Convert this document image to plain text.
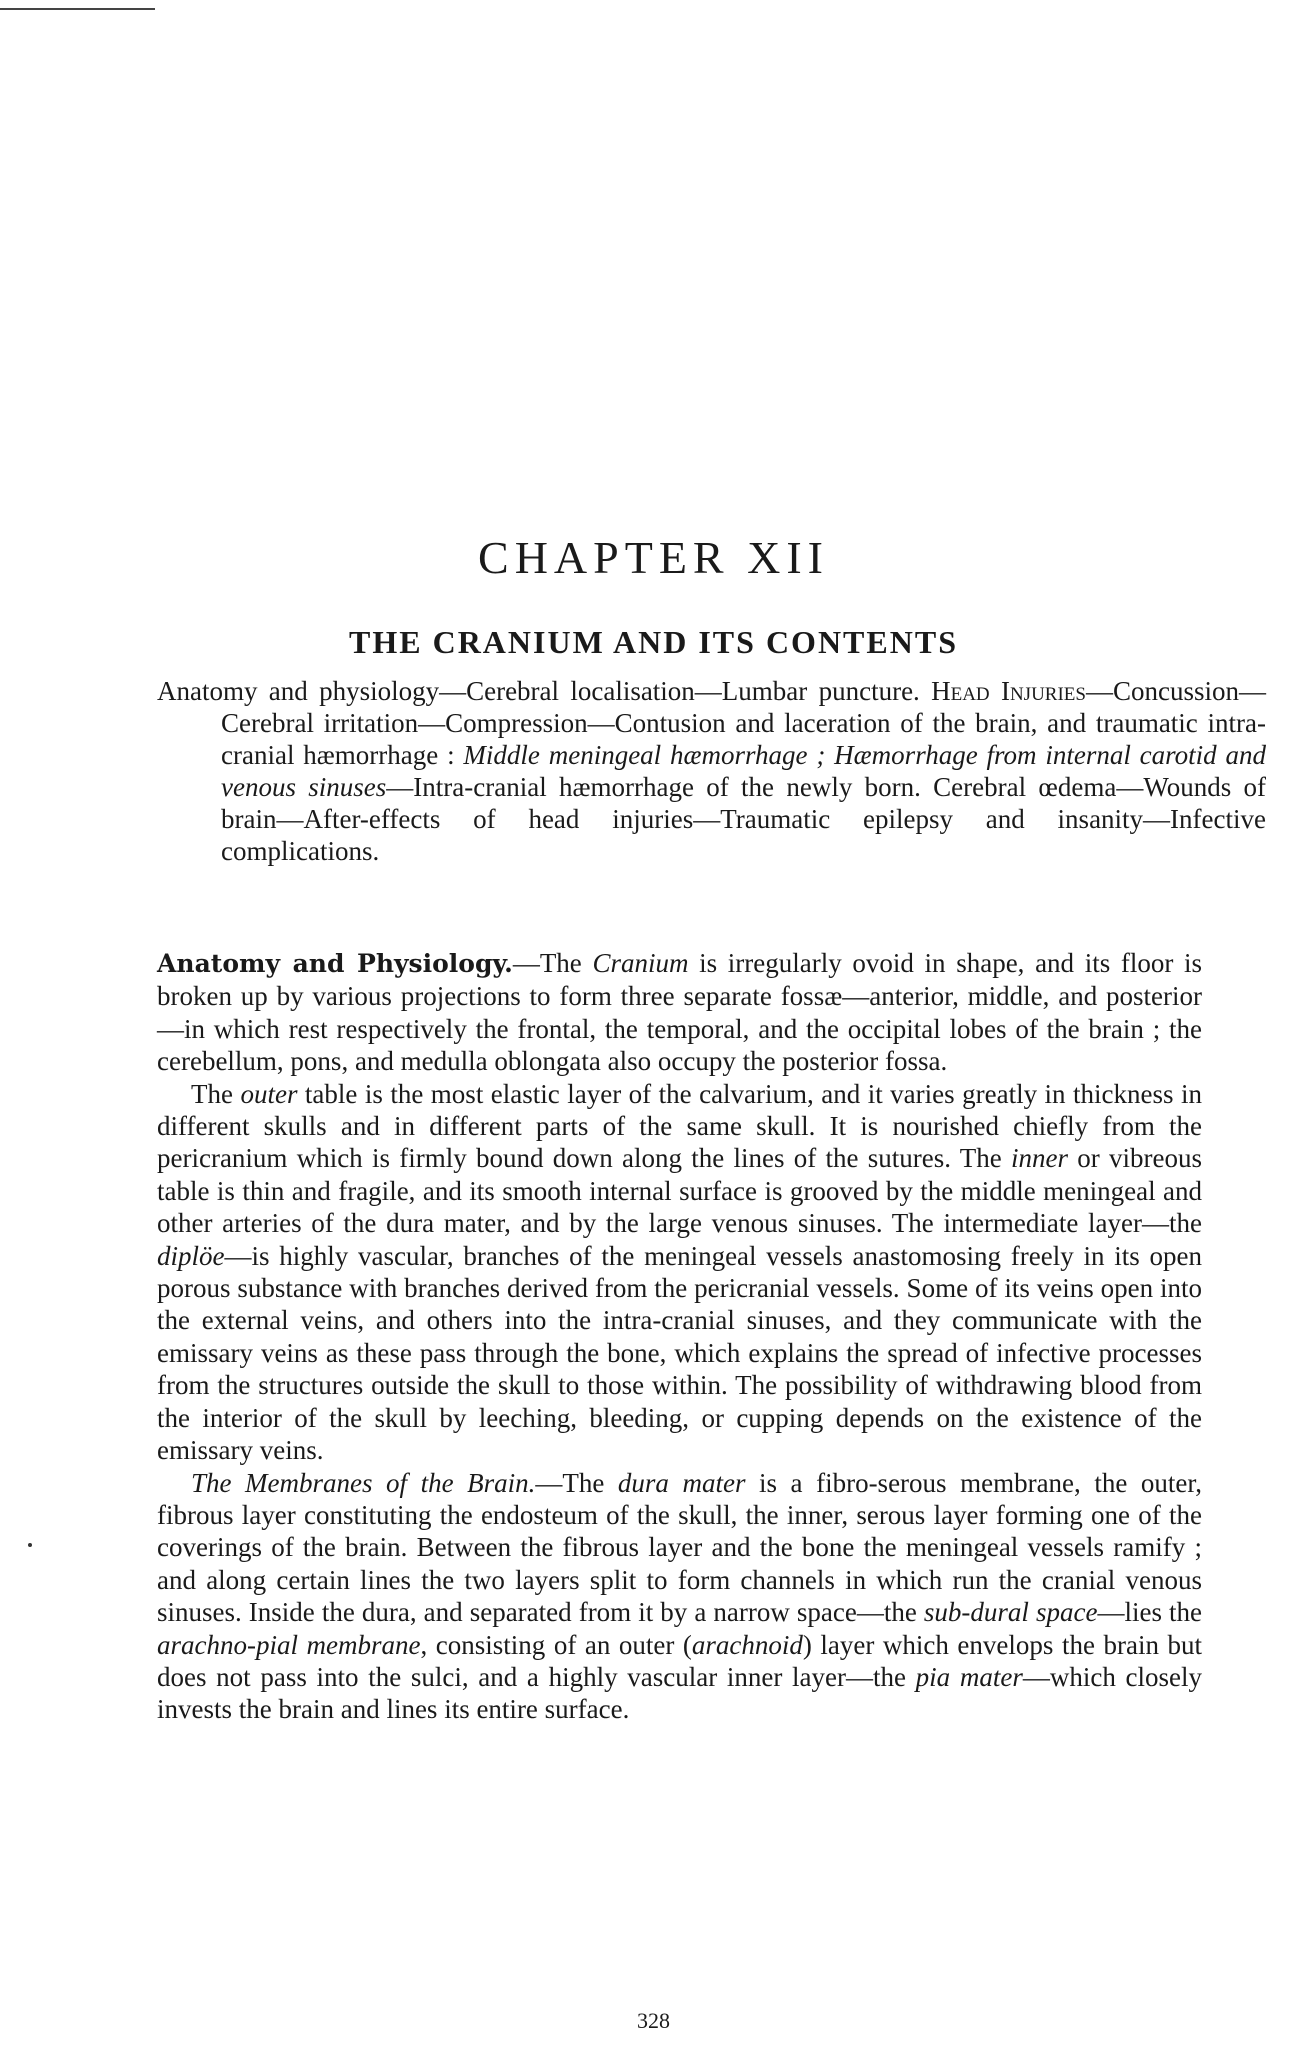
CHAPTER XII
THE CRANIUM AND ITS CONTENTS
Anatomy and physiology—Cerebral localisation—Lumbar puncture. Head Injuries—Concussion—Cerebral irritation—Compression—Contusion and laceration of the brain, and traumatic intra-cranial hæmorrhage : Middle meningeal hæmorrhage ; Hæmorrhage from internal carotid and venous sinuses—Intra-cranial hæmorrhage of the newly born. Cerebral œdema—Wounds of brain—After-effects of head injuries—Traumatic epilepsy and insanity—Infective complications.

Anatomy and Physiology.—The Cranium is irregularly ovoid in shape, and its floor is broken up by various projections to form three separate fossæ—anterior, middle, and posterior—in which rest respectively the frontal, the temporal, and the occipital lobes of the brain ; the cerebellum, pons, and medulla oblongata also occupy the posterior fossa.

The outer table is the most elastic layer of the calvarium, and it varies greatly in thickness in different skulls and in different parts of the same skull. It is nourished chiefly from the pericranium which is firmly bound down along the lines of the sutures. The inner or vibreous table is thin and fragile, and its smooth internal surface is grooved by the middle meningeal and other arteries of the dura mater, and by the large venous sinuses. The intermediate layer—the diplöe—is highly vascular, branches of the meningeal vessels anastomosing freely in its open porous substance with branches derived from the pericranial vessels. Some of its veins open into the external veins, and others into the intra-cranial sinuses, and they communicate with the emissary veins as these pass through the bone, which explains the spread of infective processes from the structures outside the skull to those within. The possibility of withdrawing blood from the interior of the skull by leeching, bleeding, or cupping depends on the existence of the emissary veins.

The Membranes of the Brain.—The dura mater is a fibro-serous membrane, the outer, fibrous layer constituting the endosteum of the skull, the inner, serous layer forming one of the coverings of the brain. Between the fibrous layer and the bone the meningeal vessels ramify ; and along certain lines the two layers split to form channels in which run the cranial venous sinuses. Inside the dura, and separated from it by a narrow space—the sub-dural space—lies the arachno-pial membrane, consisting of an outer (arachnoid) layer which envelops the brain but does not pass into the sulci, and a highly vascular inner layer—the pia mater—which closely invests the brain and lines its entire surface.

328
